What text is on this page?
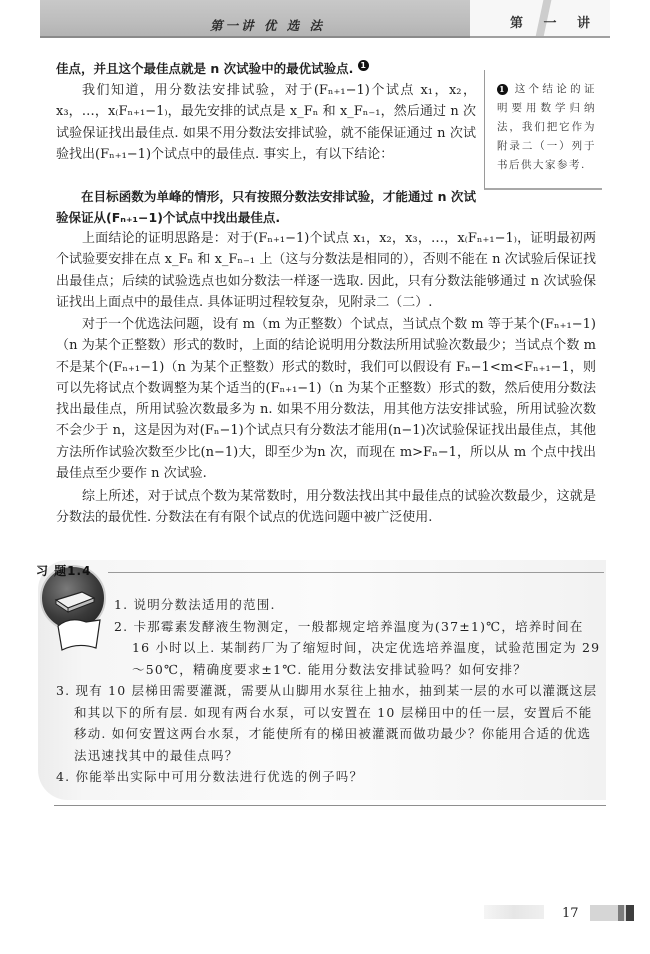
第一讲 优 选 法	第 一 讲

佳点，并且这个最佳点就是 n 次试验中的最优试验点. 1

我们知道，用分数法安排试验，对于(Fₙ₊₁−1)个试点 x₁，x₂，x₃，…，x₍Fₙ₊₁−1₎，最先安排的试点是 x_Fₙ 和 x_Fₙ₋₁，然后通过 n 次试验保证找出最佳点. 如果不用分数法安排试验，就不能保证通过 n 次试验找出(Fₙ₊₁−1)个试点中的最佳点. 事实上，有以下结论：

在目标函数为单峰的情形，只有按照分数法安排试验，才能通过 n 次试验保证从(Fₙ₊₁−1)个试点中找出最佳点.

上面结论的证明思路是：对于(Fₙ₊₁−1)个试点 x₁，x₂，x₃，…，x₍Fₙ₊₁−1₎，证明最初两个试验要安排在点 x_Fₙ 和 x_Fₙ₋₁ 上（这与分数法是相同的），否则不能在 n 次试验后保证找出最佳点；后续的试验选点也如分数法一样逐一选取. 因此，只有分数法能够通过 n 次试验保证找出上面点中的最佳点. 具体证明过程较复杂，见附录二（二）.

对于一个优选法问题，设有 m（m 为正整数）个试点，当试点个数 m 等于某个(Fₙ₊₁−1)（n 为某个正整数）形式的数时，上面的结论说明用分数法所用试验次数最少；当试点个数 m 不是某个(Fₙ₊₁−1)（n 为某个正整数）形式的数时，我们可以假设有 Fₙ−1<m<Fₙ₊₁−1，则可以先将试点个数调整为某个适当的(Fₙ₊₁−1)（n 为某个正整数）形式的数，然后使用分数法找出最佳点，所用试验次数最多为 n. 如果不用分数法，用其他方法安排试验，所用试验次数不会少于 n，这是因为对(Fₙ−1)个试点只有分数法才能用(n−1)次试验保证找出最佳点，其他方法所作试验次数至少比(n−1)大，即至少为n 次，而现在 m>Fₙ−1，所以从 m 个点中找出最佳点至少要作 n 次试验.

综上所述，对于试点个数为某常数时，用分数法找出其中最佳点的试验次数最少，这就是分数法的最优性. 分数法在有有限个试点的优选问题中被广泛使用.

1 这个结论的证明要用数学归纳法，我们把它作为附录二（一）列于书后供大家参考.
习 题1.4
1. 说明分数法适用的范围.
2. 卡那霉素发酵液生物测定，一般都规定培养温度为(37±1)℃，培养时间在 16 小时以上. 某制药厂为了缩短时间，决定优选培养温度，试验范围定为 29～50℃，精确度要求±1℃. 能用分数法安排试验吗？如何安排？
3. 现有 10 层梯田需要灌溉，需要从山脚用水泵往上抽水，抽到某一层的水可以灌溉这层和其以下的所有层. 如现有两台水泵，可以安置在 10 层梯田中的任一层，安置后不能移动. 如何安置这两台水泵，才能使所有的梯田被灌溉而做功最少？你能用合适的优选法迅速找其中的最佳点吗？
4. 你能举出实际中可用分数法进行优选的例子吗？
17
